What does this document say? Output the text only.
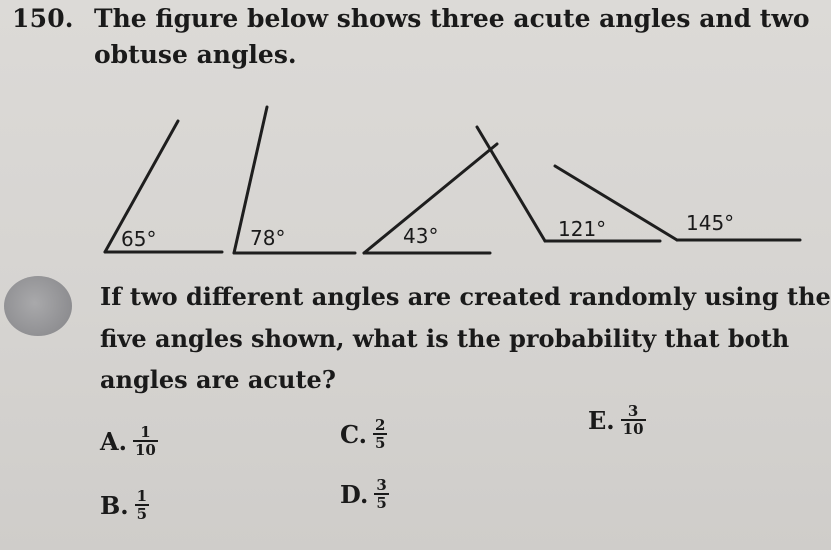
150. The figure below shows three acute angles and two
obtuse angles.
65°	78°	43°	121°	145°
If two different angles are created randomly using the
five angles shown, what is the probability that both
angles are acute?
A. $\frac{1}{10}$
B. $\frac{1}{5}$
C. $\frac{2}{5}$
D. $\frac{3}{5}$
E. $\frac{3}{10}$
